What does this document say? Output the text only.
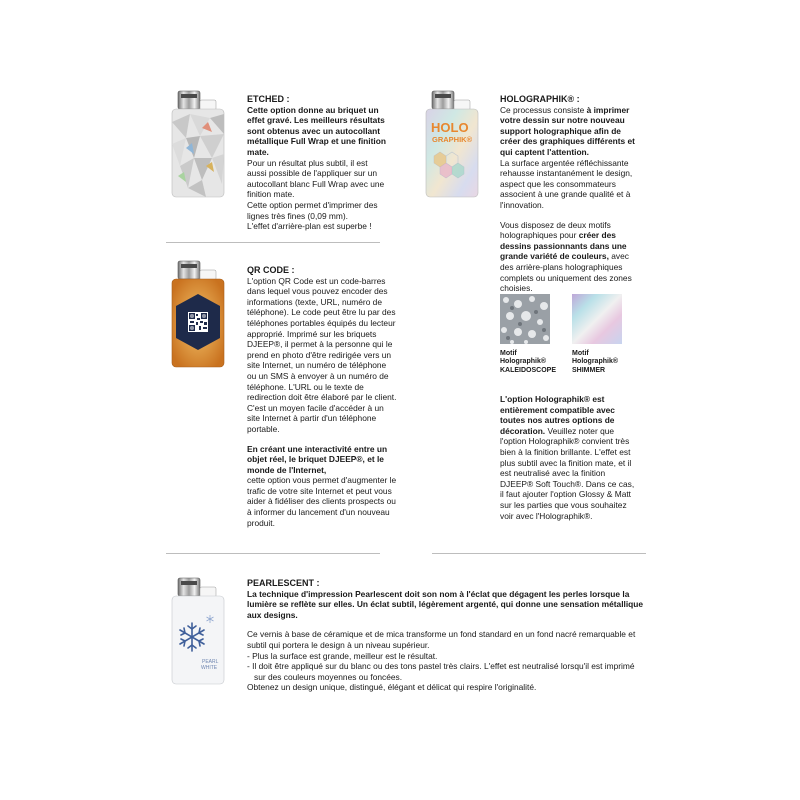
ETCHED :

Cette option donne au briquet un effet gravé. Les meilleurs résultats sont obtenus avec un autocollant métallique Full Wrap et une finition mate.

Pour un résultat plus subtil, il est aussi possible de l'appliquer sur un autocollant blanc Full Wrap avec une finition mate.

Cette option permet d'imprimer des lignes très fines (0,09 mm).

L'effet d'arrière-plan est superbe !

HOLO
GRAPHIK®

HOLOGRAPHIK® :

Ce processus consiste à imprimer votre dessin sur notre nouveau support holographique afin de créer des graphiques différents et qui captent l'attention.

La surface argentée réfléchissante rehausse instantanément le design, aspect que les consommateurs associent à une grande qualité et à l'innovation.

Vous disposez de deux motifs holographiques pour créer des dessins passionnants dans une grande variété de couleurs, avec des arrière-plans holographiques complets ou uniquement des zones choisies.

Motif Holographik® KALEIDOSCOPE
Motif Holographik® SHIMMER

L'option Holographik® est entièrement compatible avec toutes nos autres options de décoration. Veuillez noter que l'option Holographik® convient très bien à la finition brillante. L'effet est plus subtil avec la finition mate, et il est neutralisé avec la finition DJEEP® Soft Touch®. Dans ce cas, il faut ajouter l'option Glossy & Matt sur les parties que vous souhaitez voir avec l'Holographik®.

QR CODE :

L'option QR Code est un code-barres dans lequel vous pouvez encoder des informations (texte, URL, numéro de téléphone). Le code peut être lu par des téléphones portables équipés du lecteur approprié. Imprimé sur les briquets DJEEP®, il permet à la personne qui le prend en photo d'être redirigée vers un site Internet, un numéro de téléphone ou un SMS à envoyer à un numéro de téléphone. L'URL ou le texte de redirection doit être élaboré par le client.

C'est un moyen facile d'accéder à un site Internet à partir d'un téléphone portable.

En créant une interactivité entre un objet réel, le briquet DJEEP®, et le monde de l'Internet,

cette option vous permet d'augmenter le trafic de votre site Internet et peut vous aider à fidéliser des clients prospects ou à informer du lancement d'un nouveau produit.

PEARL
WHITE

PEARLESCENT :

La technique d'impression Pearlescent doit son nom à l'éclat que dégagent les perles lorsque la lumière se reflète sur elles. Un éclat subtil, légèrement argenté, qui donne une sensation métallique aux designs.

Ce vernis à base de céramique et de mica transforme un fond standard en un fond nacré remarquable et subtil qui portera le design à un niveau supérieur.

- Plus la surface est grande, meilleur est le résultat.
- Il doit être appliqué sur du blanc ou des tons pastel très clairs. L'effet est neutralisé lorsqu'il est imprimé sur des couleurs moyennes ou foncées.

Obtenez un design unique, distingué, élégant et délicat qui respire l'originalité.
